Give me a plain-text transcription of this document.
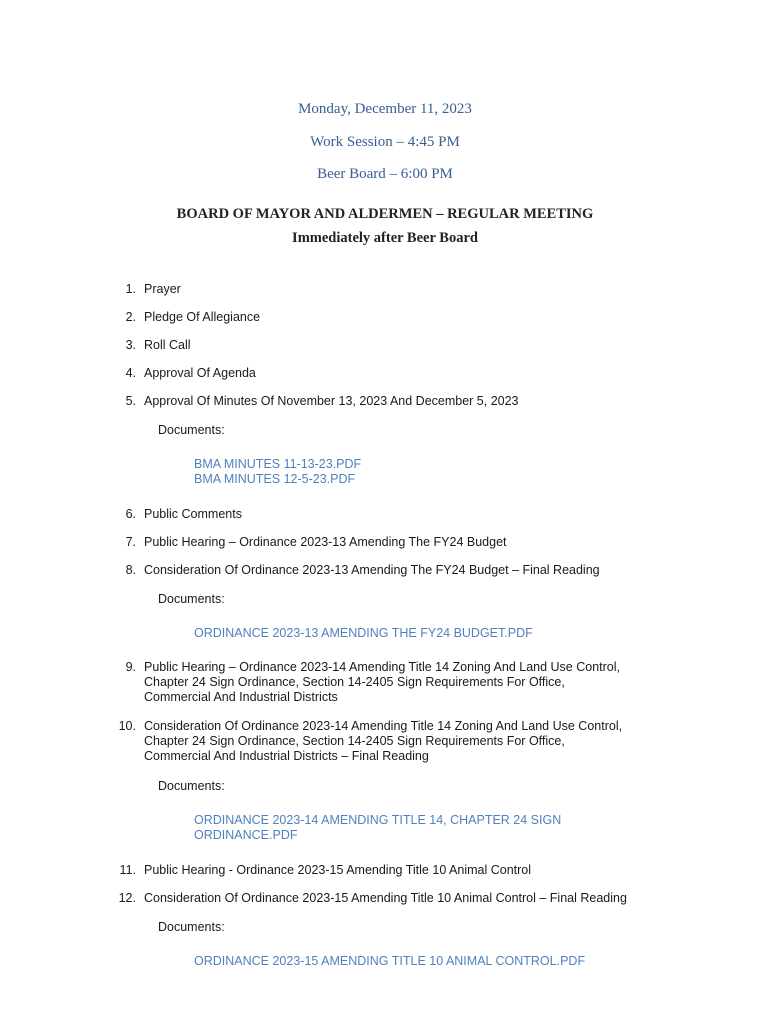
Monday, December 11, 2023
Work Session – 4:45 PM
Beer Board – 6:00 PM
BOARD OF MAYOR AND ALDERMEN – REGULAR MEETING
Immediately after Beer Board
1. Prayer
2. Pledge Of Allegiance
3. Roll Call
4. Approval Of Agenda
5. Approval Of Minutes Of November 13, 2023 And December 5, 2023
Documents:
BMA MINUTES 11-13-23.PDF
BMA MINUTES 12-5-23.PDF
6. Public Comments
7. Public Hearing – Ordinance 2023-13 Amending The FY24 Budget
8. Consideration Of Ordinance 2023-13 Amending The FY24 Budget – Final Reading
Documents:
ORDINANCE 2023-13 AMENDING THE FY24 BUDGET.PDF
9. Public Hearing – Ordinance 2023-14 Amending Title 14 Zoning And Land Use Control, Chapter 24 Sign Ordinance, Section 14-2405 Sign Requirements For Office, Commercial And Industrial Districts
10. Consideration Of Ordinance 2023-14 Amending Title 14 Zoning And Land Use Control, Chapter 24 Sign Ordinance, Section 14-2405 Sign Requirements For Office, Commercial And Industrial Districts – Final Reading
Documents:
ORDINANCE 2023-14 AMENDING TITLE 14, CHAPTER 24 SIGN ORDINANCE.PDF
11. Public Hearing - Ordinance 2023-15 Amending Title 10 Animal Control
12. Consideration Of Ordinance 2023-15 Amending Title 10 Animal Control – Final Reading
Documents:
ORDINANCE 2023-15 AMENDING TITLE 10 ANIMAL CONTROL.PDF
